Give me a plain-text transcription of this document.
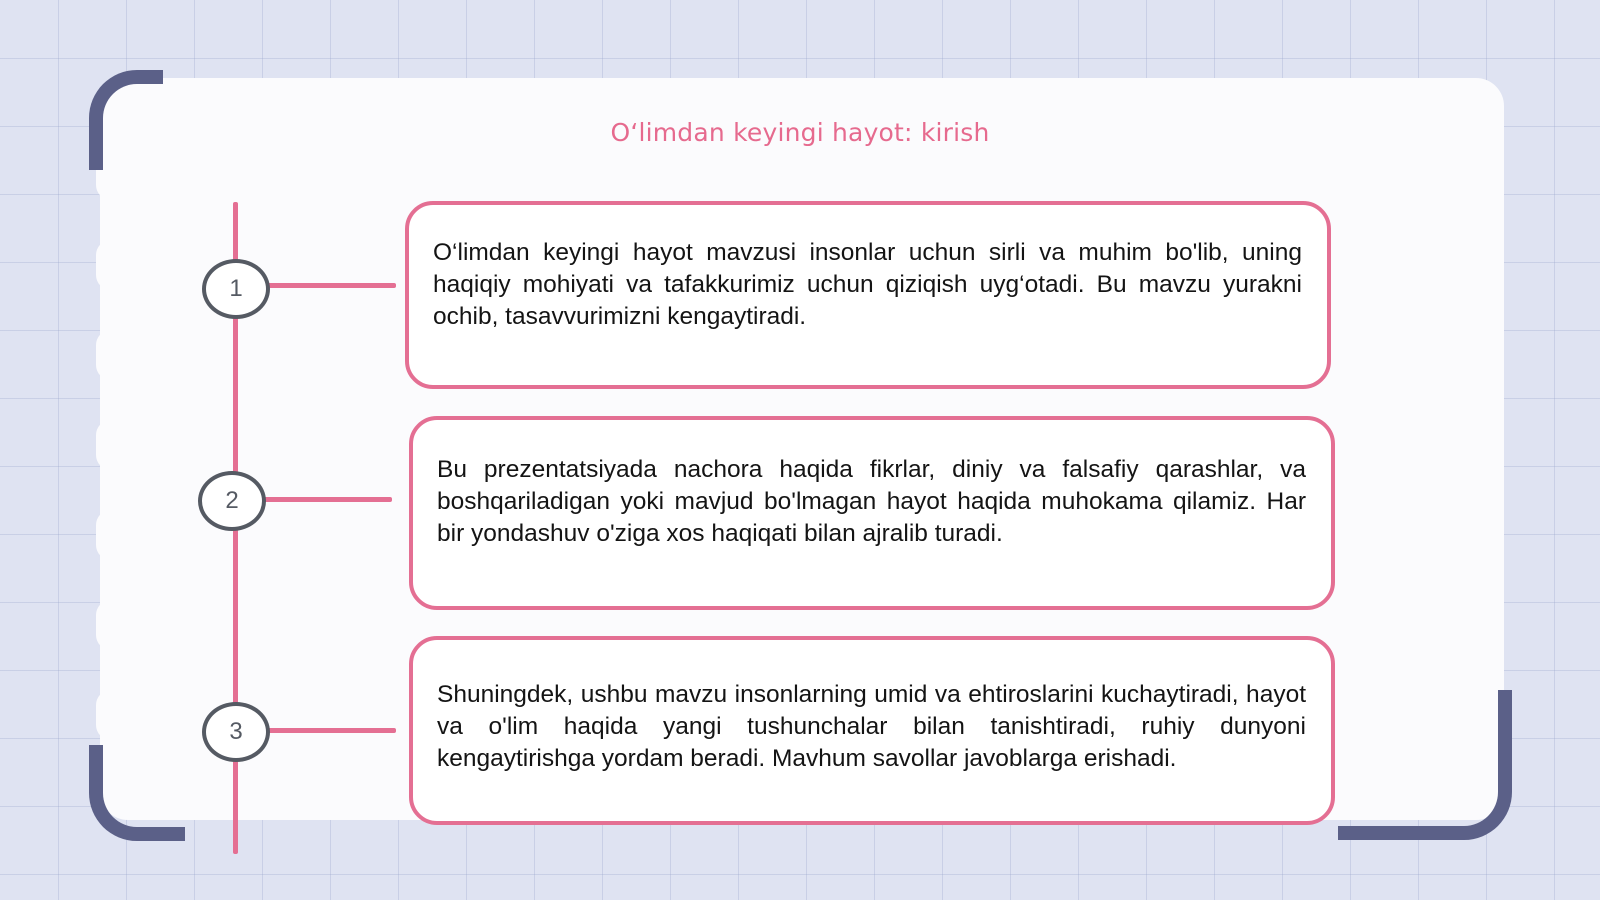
Oʻlimdan keyingi hayot: kirish
1
2
3

O‘limdan keyingi hayot mavzusi insonlar uchun sirli va muhim bo'lib, uning haqiqiy mohiyati va tafakkurimiz uchun qiziqish uyg‘otadi. Bu mavzu yurakni ochib, tasavvurimizni kengaytiradi.

Bu prezentatsiyada nachora haqida fikrlar, diniy va falsafiy qarashlar, va boshqariladigan yoki mavjud bo'lmagan hayot haqida muhokama qilamiz. Har bir yondashuv o'ziga xos haqiqati bilan ajralib turadi.

Shuningdek, ushbu mavzu insonlarning umid va ehtiroslarini kuchaytiradi, hayot va o'lim haqida yangi tushunchalar bilan tanishtiradi, ruhiy dunyoni kengaytirishga yordam beradi. Mavhum savollar javoblarga erishadi.
